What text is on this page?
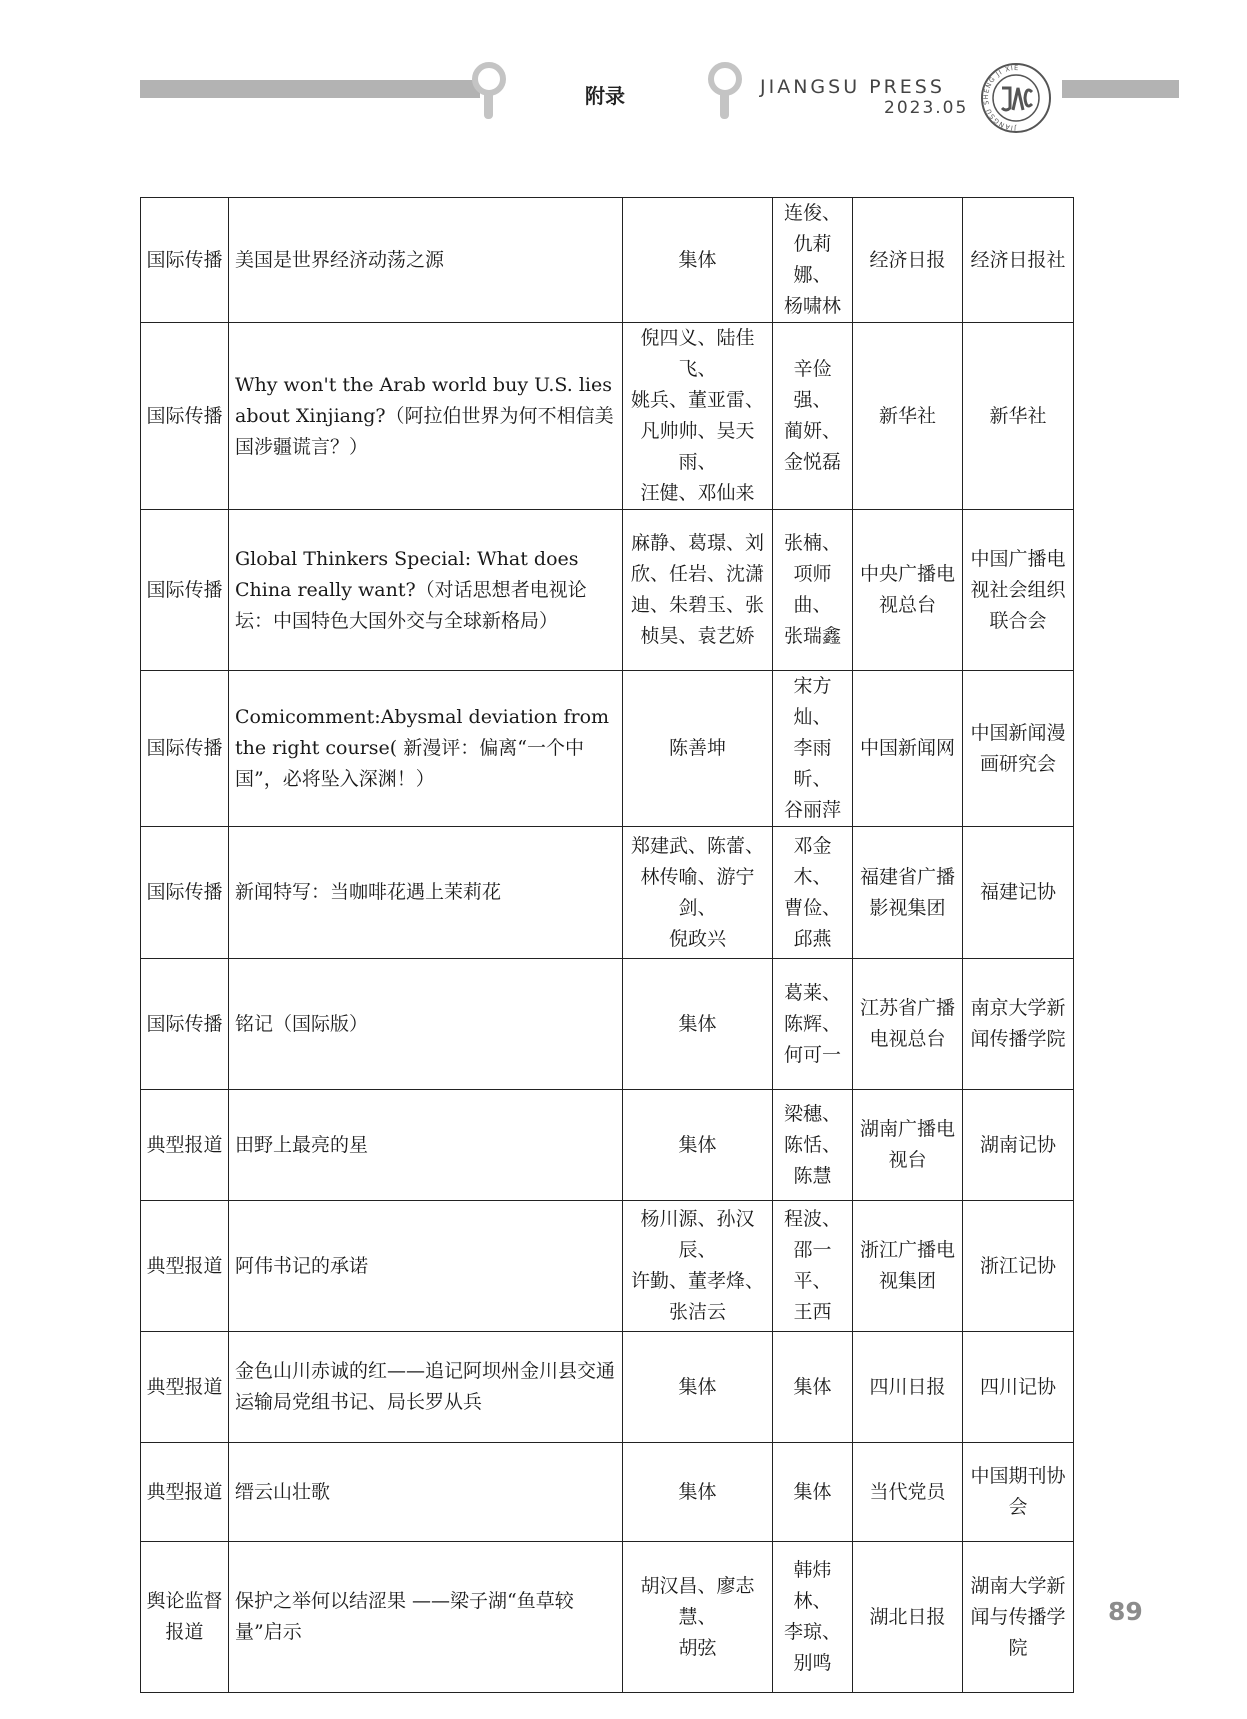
附录	JIANGSU PRESS
2023.05
JIANGSU SHENG JI XIE
国际传播	美国是世界经济动荡之源	集体	连俊、
仇莉娜、
杨啸林	经济日报	经济日报社
国际传播	Why won't the Arab world buy U.S. lies about Xinjiang?（阿拉伯世界为何不相信美国涉疆谎言？）	倪四义、陆佳飞、
姚兵、董亚雷、
凡帅帅、吴天雨、
汪健、邓仙来	辛俭强、
蔺妍、
金悦磊	新华社	新华社
国际传播	Global Thinkers Special: What does China really want?（对话思想者电视论坛：中国特色大国外交与全球新格局）	麻静、葛璟、刘
欣、任岩、沈潇
迪、朱碧玉、张
桢昊、袁艺娇	张楠、
项师曲、
张瑞鑫	中央广播电
视总台	中国广播电
视社会组织
联合会
国际传播	Comicomment:Abysmal deviation from the right course( 新漫评：偏离“一个中国”，必将坠入深渊！）	陈善坤	宋方灿、
李雨昕、
谷丽萍	中国新闻网	中国新闻漫
画研究会
国际传播	新闻特写：当咖啡花遇上茉莉花	郑建武、陈蕾、
林传喻、游宁剑、
倪政兴	邓金木、
曹俭、
邱燕	福建省广播
影视集团	福建记协
国际传播	铭记（国际版）	集体	葛莱、
陈辉、
何可一	江苏省广播
电视总台	南京大学新
闻传播学院
典型报道	田野上最亮的星	集体	梁穗、
陈恬、
陈慧	湖南广播电
视台	湖南记协
典型报道	阿伟书记的承诺	杨川源、孙汉辰、
许勤、董孝烽、
张洁云	程波、
邵一平、
王西	浙江广播电
视集团	浙江记协
典型报道	金色山川赤诚的红——追记阿坝州金川县交通运输局党组书记、局长罗从兵	集体	集体	四川日报	四川记协
典型报道	缙云山壮歌	集体	集体	当代党员	中国期刊协
会
舆论监督
报道	保护之举何以结涩果 ——梁子湖“鱼草较量”启示	胡汉昌、廖志慧、
胡弦	韩炜林、
李琼、
别鸣	湖北日报	湖南大学新
闻与传播学
院
89
